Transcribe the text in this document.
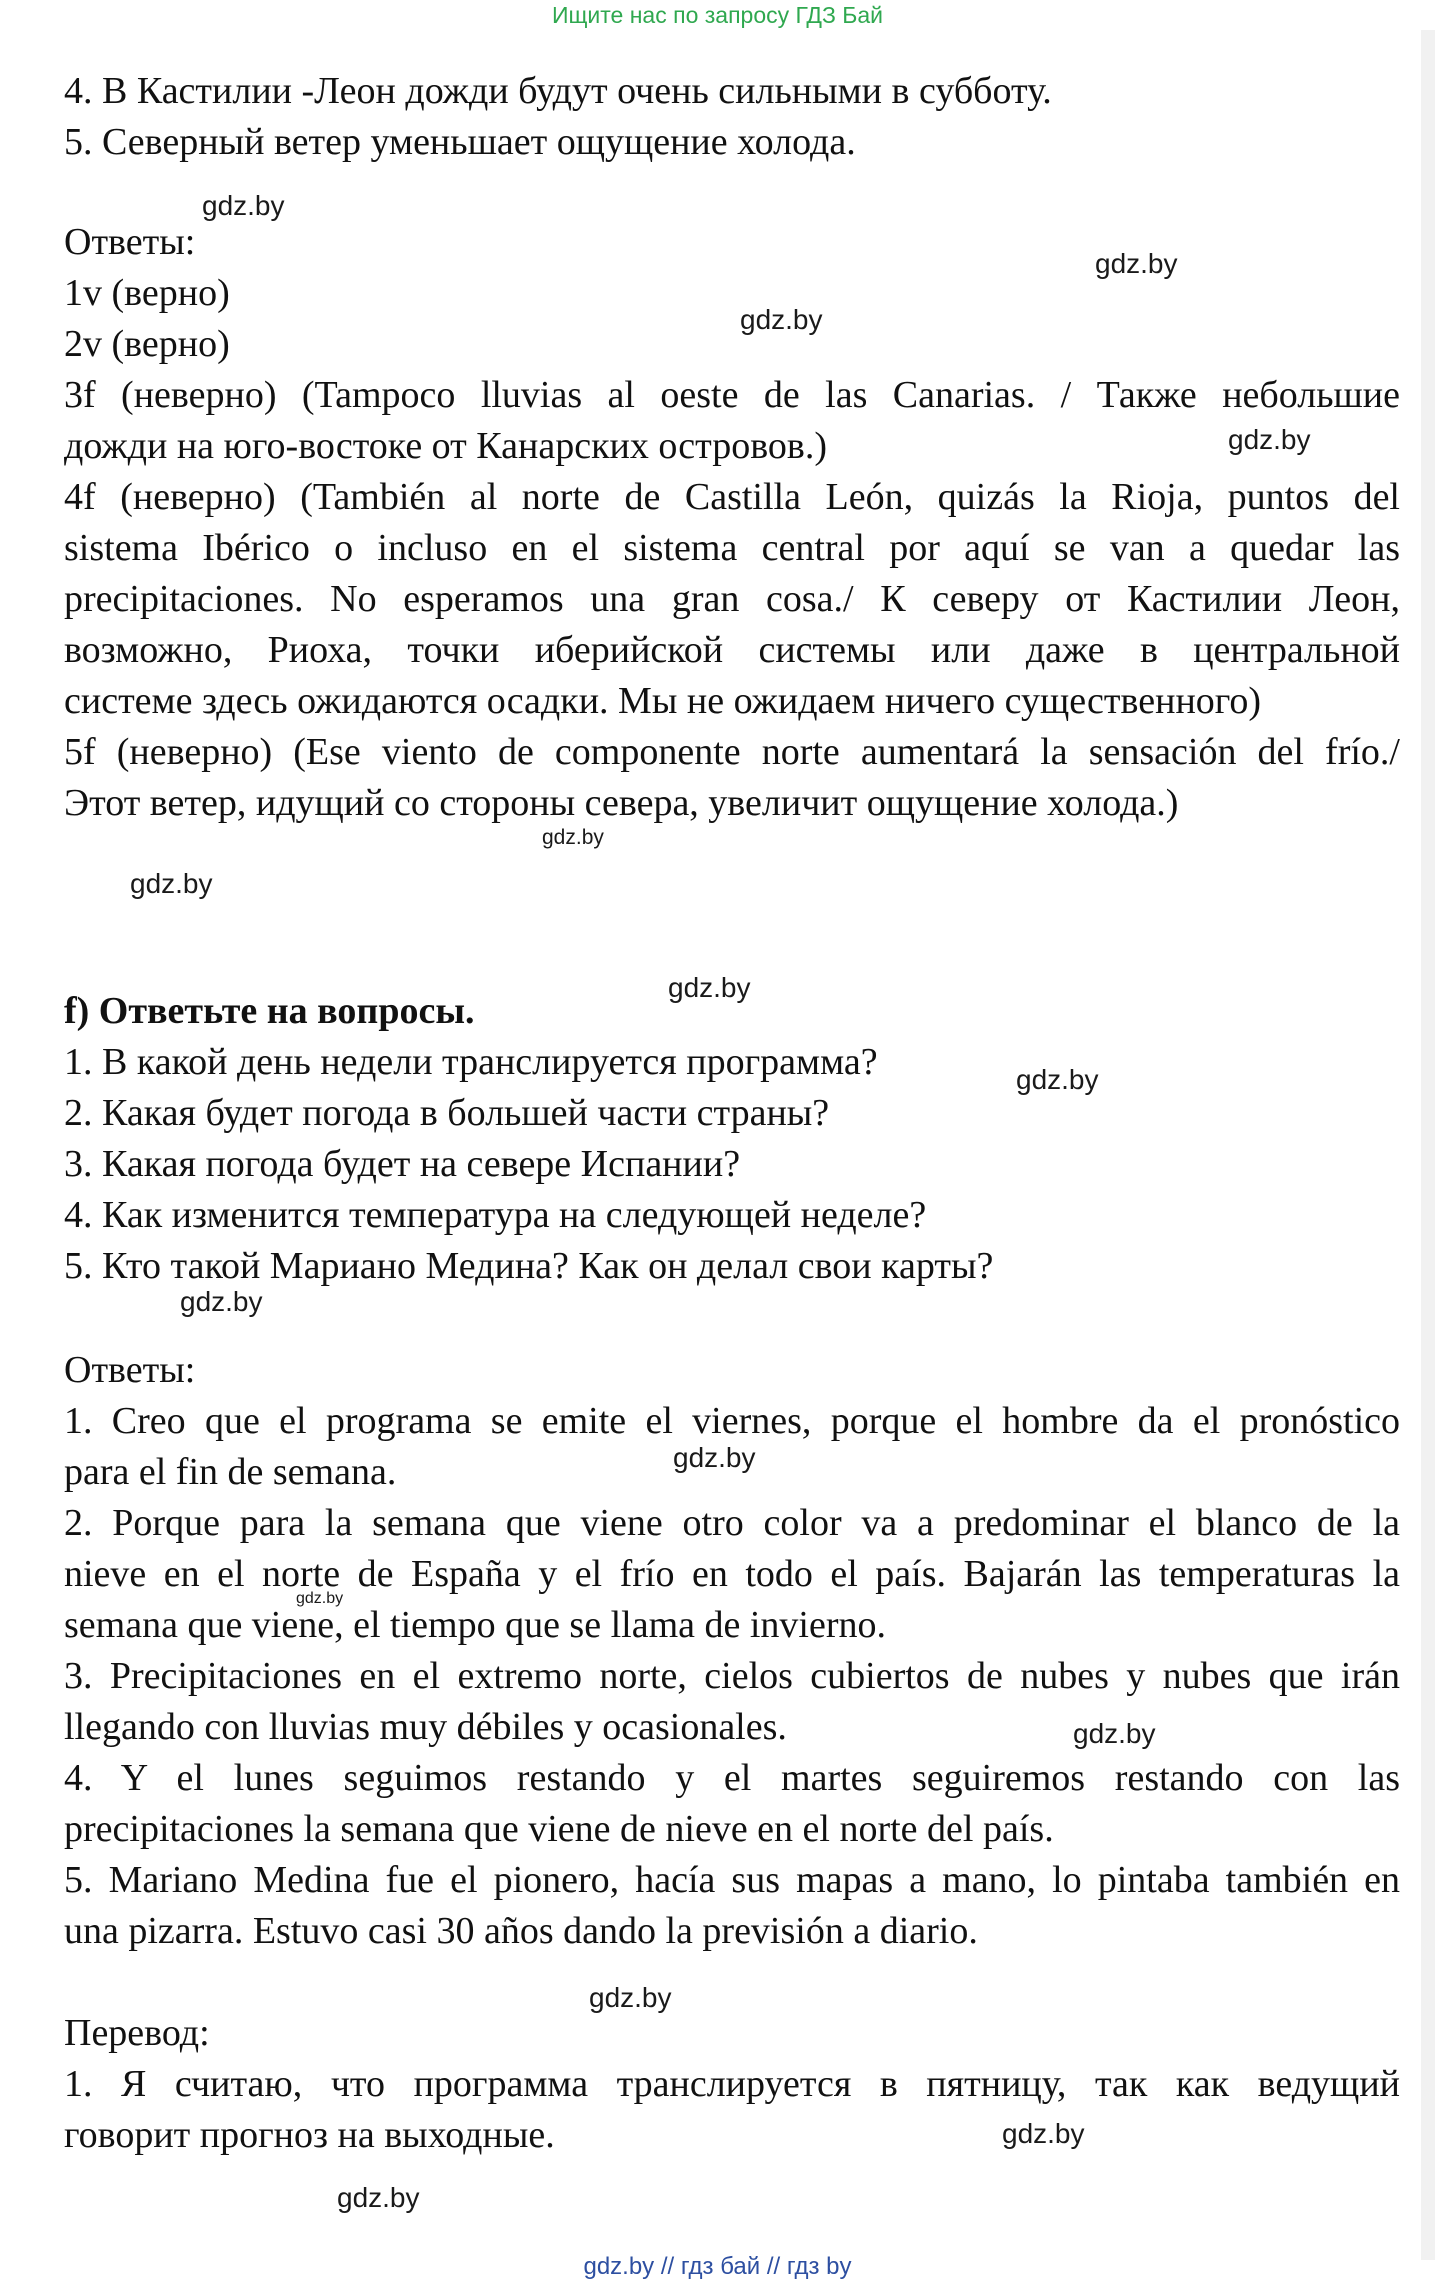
Ищите нас по запросу ГДЗ Бай
4. В Кастилии -Леон дожди будут очень сильными в субботу.
5. Северный ветер уменьшает ощущение холода.
Ответы:
1v (верно)
2v (верно)
3f (неверно) (Tampoco lluvias al oeste de las Canarias. / Также небольшие
дожди на юго-востоке от Канарских островов.)
4f (неверно) (También al norte de Castilla León, quizás la Rioja, puntos del
sistema Ibérico o incluso en el sistema central por aquí se van a quedar las
precipitaciones. No esperamos una gran cosa./ К северу от Кастилии Леон,
возможно, Риоха, точки иберийской системы или даже в центральной
системе здесь ожидаются осадки. Мы не ожидаем ничего существенного)
5f (неверно) (Ese viento de componente norte aumentará la sensación del frío./
Этот ветер, идущий со стороны севера, увеличит ощущение холода.)
f) Ответьте на вопросы.
1. В какой день недели транслируется программа?
2. Какая будет погода в большей части страны?
3. Какая погода будет на севере Испании?
4. Как изменится температура на следующей неделе?
5. Кто такой Мариано Медина? Как он делал свои карты?
Ответы:
1. Creo que el programa se emite el viernes, porque el hombre da el pronóstico
para el fin de semana.
2. Porque para la semana que viene otro color va a predominar el blanco de la
nieve en el norte de España y el frío en todo el país. Bajarán las temperaturas la
semana que viene, el tiempo que se llama de invierno.
3. Precipitaciones en el extremo norte, cielos cubiertos de nubes y nubes que irán
llegando con lluvias muy débiles y ocasionales.
4. Y el lunes seguimos restando y el martes seguiremos restando con las
precipitaciones la semana que viene de nieve en el norte del país.
5. Mariano Medina fue el pionero, hacía sus mapas a mano, lo pintaba también en
una pizarra. Estuvo casi 30 años dando la previsión a diario.
Перевод:
1. Я считаю, что программа транслируется в пятницу, так как ведущий
говорит прогноз на выходные.
gdz.by
gdz.by
gdz.by
gdz.by
gdz.by
gdz.by
gdz.by
gdz.by
gdz.by
gdz.by
gdz.by
gdz.by
gdz.by
gdz.by
gdz.by
gdz.by // гдз бай // гдз by
